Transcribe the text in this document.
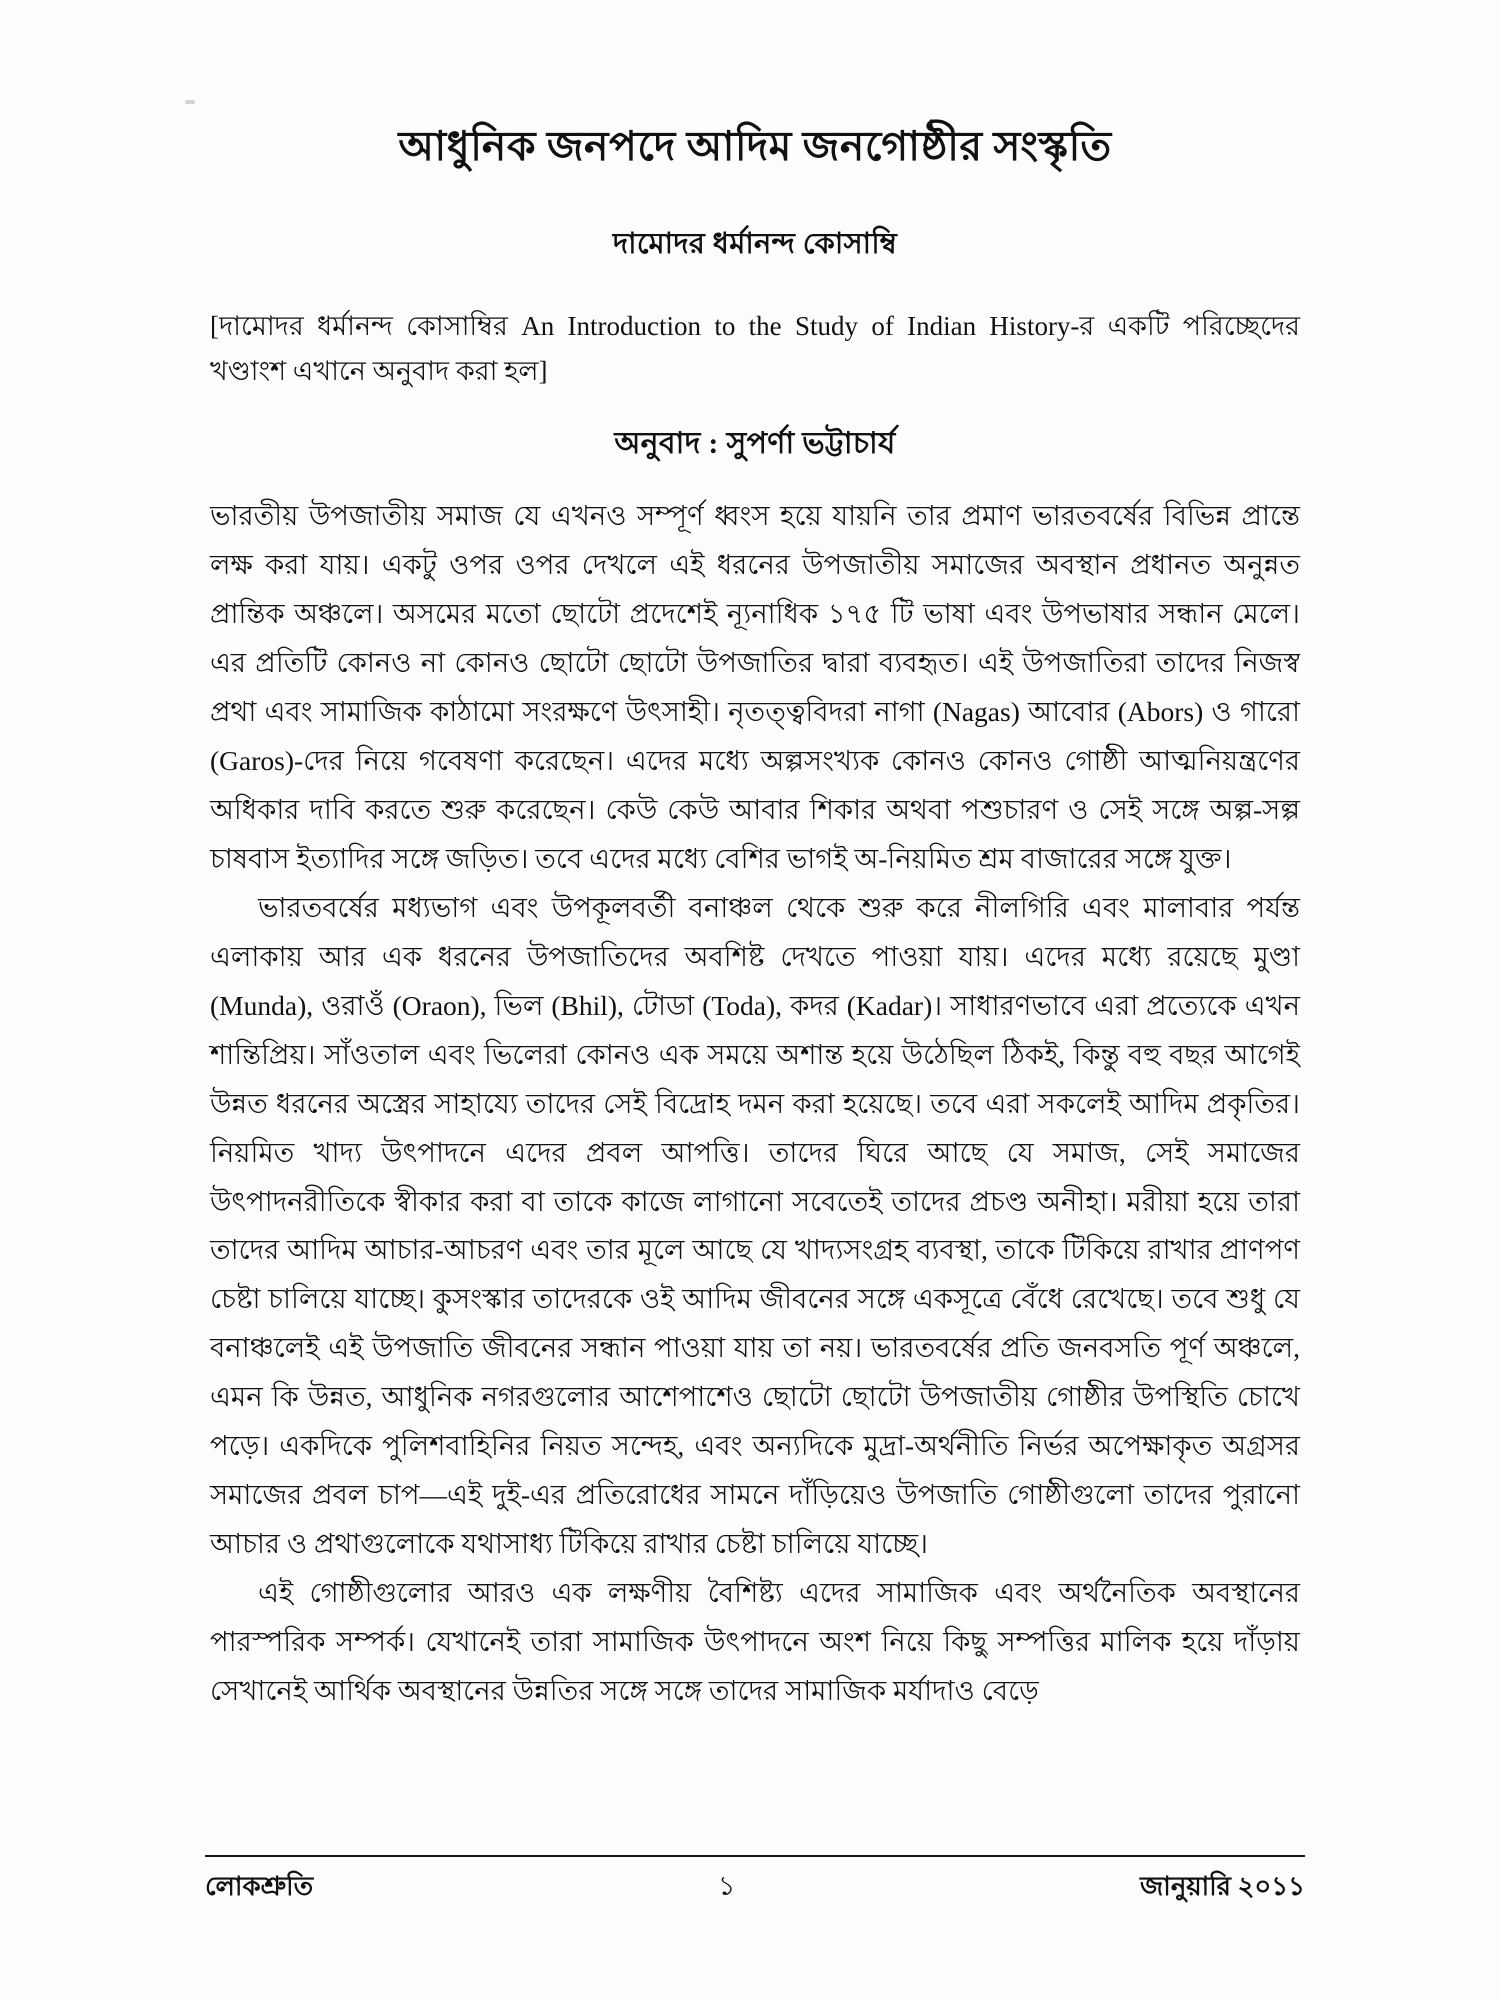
আধুনিক জনপদে আদিম জনগোষ্ঠীর সংস্কৃতি
দামোদর ধর্মানন্দ কোসাম্বি
[দামোদর ধর্মানন্দ কোসাম্বির An Introduction to the Study of Indian History-র একটি পরিচ্ছেদের খণ্ডাংশ এখানে অনুবাদ করা হল]
অনুবাদ : সুপর্ণা ভট্টাচার্য

ভারতীয় উপজাতীয় সমাজ যে এখনও সম্পূর্ণ ধ্বংস হয়ে যায়নি তার প্রমাণ ভারতবর্ষের বিভিন্ন প্রান্তে লক্ষ করা যায়। একটু ওপর ওপর দেখলে এই ধরনের উপজাতীয় সমাজের অবস্থান প্রধানত অনুন্নত প্রান্তিক অঞ্চলে। অসমের মতো ছোটো প্রদেশেই ন্যূনাধিক ১৭৫ টি ভাষা এবং উপভাষার সন্ধান মেলে। এর প্রতিটি কোনও না কোনও ছোটো ছোটো উপজাতির দ্বারা ব্যবহৃত। এই উপজাতিরা তাদের নিজস্ব প্রথা এবং সামাজিক কাঠামো সংরক্ষণে উৎসাহী। নৃতত্ত্ববিদরা নাগা (Nagas) আবোর (Abors) ও গারো (Garos)-দের নিয়ে গবেষণা করেছেন। এদের মধ্যে অল্পসংখ্যক কোনও কোনও গোষ্ঠী আত্মনিয়ন্ত্রণের অধিকার দাবি করতে শুরু করেছেন। কেউ কেউ আবার শিকার অথবা পশুচারণ ও সেই সঙ্গে অল্প-সল্প চাষবাস ইত্যাদির সঙ্গে জড়িত। তবে এদের মধ্যে বেশির ভাগই অ-নিয়মিত শ্রম বাজারের সঙ্গে যুক্ত।

ভারতবর্ষের মধ্যভাগ এবং উপকূলবর্তী বনাঞ্চল থেকে শুরু করে নীলগিরি এবং মালাবার পর্যন্ত এলাকায় আর এক ধরনের উপজাতিদের অবশিষ্ট দেখতে পাওয়া যায়। এদের মধ্যে রয়েছে মুণ্ডা (Munda), ওরাওঁ (Oraon), ভিল (Bhil), টোডা (Toda), কদর (Kadar)। সাধারণভাবে এরা প্রত্যেকে এখন শান্তিপ্রিয়। সাঁওতাল এবং ভিলেরা কোনও এক সময়ে অশান্ত হয়ে উঠেছিল ঠিকই, কিন্তু বহু বছর আগেই উন্নত ধরনের অস্ত্রের সাহায্যে তাদের সেই বিদ্রোহ দমন করা হয়েছে। তবে এরা সকলেই আদিম প্রকৃতির। নিয়মিত খাদ্য উৎপাদনে এদের প্রবল আপত্তি। তাদের ঘিরে আছে যে সমাজ, সেই সমাজের উৎপাদনরীতিকে স্বীকার করা বা তাকে কাজে লাগানো সবেতেই তাদের প্রচণ্ড অনীহা। মরীয়া হয়ে তারা তাদের আদিম আচার-আচরণ এবং তার মূলে আছে যে খাদ্যসংগ্রহ ব্যবস্থা, তাকে টিকিয়ে রাখার প্রাণপণ চেষ্টা চালিয়ে যাচ্ছে। কুসংস্কার তাদেরকে ওই আদিম জীবনের সঙ্গে একসূত্রে বেঁধে রেখেছে। তবে শুধু যে বনাঞ্চলেই এই উপজাতি জীবনের সন্ধান পাওয়া যায় তা নয়। ভারতবর্ষের প্রতি জনবসতি পূর্ণ অঞ্চলে, এমন কি উন্নত, আধুনিক নগরগুলোর আশেপাশেও ছোটো ছোটো উপজাতীয় গোষ্ঠীর উপস্থিতি চোখে পড়ে। একদিকে পুলিশবাহিনির নিয়ত সন্দেহ, এবং অন্যদিকে মুদ্রা-অর্থনীতি নির্ভর অপেক্ষাকৃত অগ্রসর সমাজের প্রবল চাপ—এই দুই-এর প্রতিরোধের সামনে দাঁড়িয়েও উপজাতি গোষ্ঠীগুলো তাদের পুরানো আচার ও প্রথাগুলোকে যথাসাধ্য টিকিয়ে রাখার চেষ্টা চালিয়ে যাচ্ছে।

এই গোষ্ঠীগুলোর আরও এক লক্ষণীয় বৈশিষ্ট্য এদের সামাজিক এবং অর্থনৈতিক অবস্থানের পারস্পরিক সম্পর্ক। যেখানেই তারা সামাজিক উৎপাদনে অংশ নিয়ে কিছু সম্পত্তির মালিক হয়ে দাঁড়ায় সেখানেই আর্থিক অবস্থানের উন্নতির সঙ্গে সঙ্গে তাদের সামাজিক মর্যাদাও বেড়ে

লোকশ্রুতি	১	জানুয়ারি ২০১১
